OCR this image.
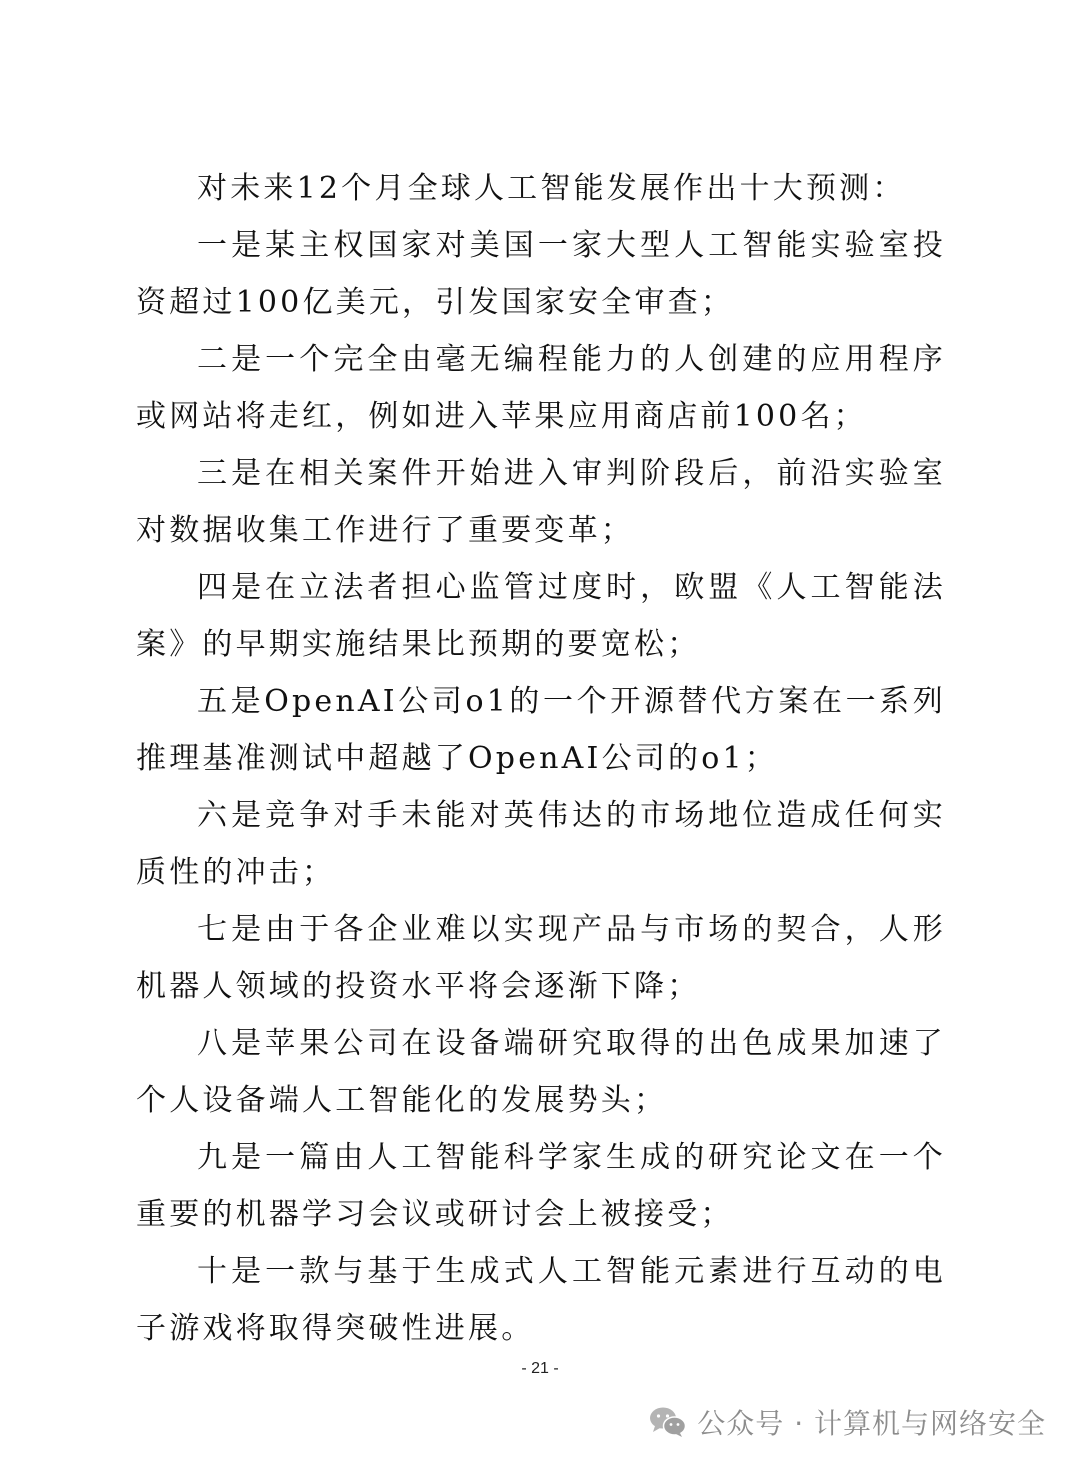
对未来12个月全球人工智能发展作出十大预测：

一是某主权国家对美国一家大型人工智能实验室投资超过100亿美元，引发国家安全审查；

二是一个完全由毫无编程能力的人创建的应用程序或网站将走红，例如进入苹果应用商店前100名；

三是在相关案件开始进入审判阶段后，前沿实验室对数据收集工作进行了重要变革；

四是在立法者担心监管过度时，欧盟《人工智能法案》的早期实施结果比预期的要宽松；

五是OpenAI公司o1的一个开源替代方案在一系列推理基准测试中超越了OpenAI公司的o1；

六是竞争对手未能对英伟达的市场地位造成任何实质性的冲击；

七是由于各企业难以实现产品与市场的契合，人形机器人领域的投资水平将会逐渐下降；

八是苹果公司在设备端研究取得的出色成果加速了个人设备端人工智能化的发展势头；

九是一篇由人工智能科学家生成的研究论文在一个重要的机器学习会议或研讨会上被接受；

十是一款与基于生成式人工智能元素进行互动的电子游戏将取得突破性进展。

- 21 -
公众号 · 计算机与网络安全
